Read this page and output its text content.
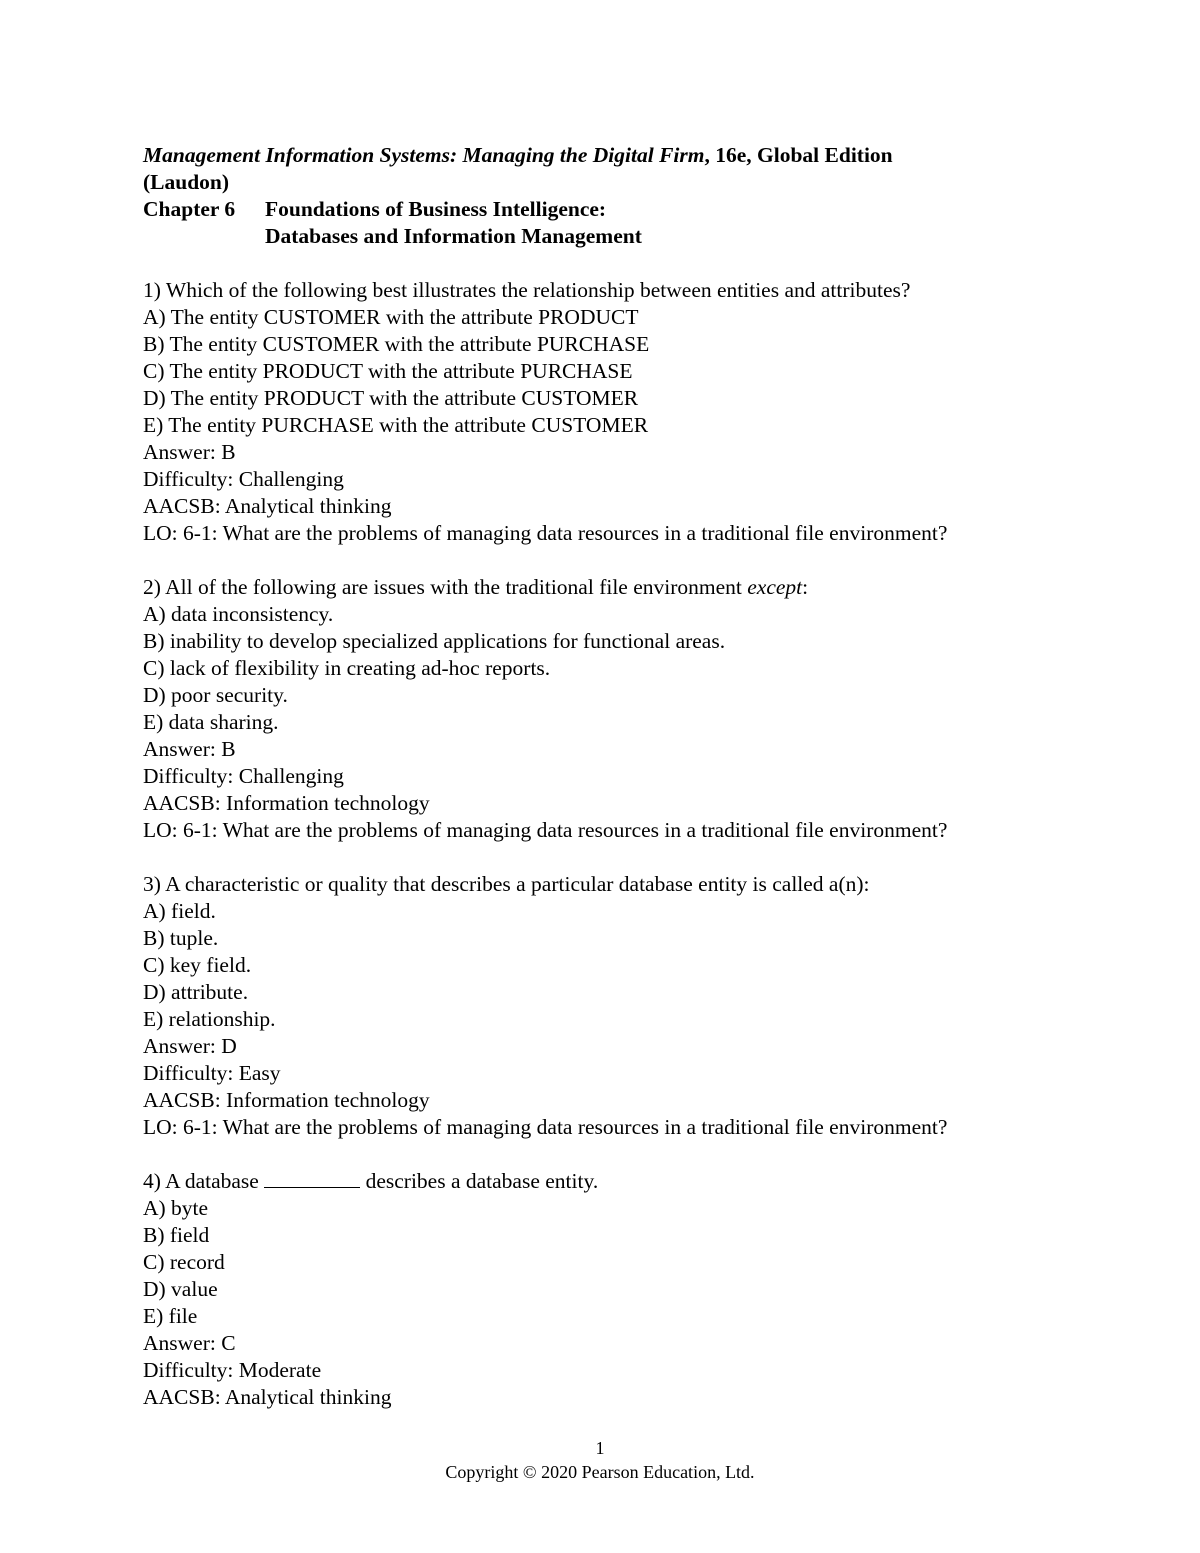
Management Information Systems: Managing the Digital Firm, 16e, Global Edition
(Laudon)
Chapter 6	Foundations of Business Intelligence:
Databases and Information Management
1) Which of the following best illustrates the relationship between entities and attributes?
A) The entity CUSTOMER with the attribute PRODUCT
B) The entity CUSTOMER with the attribute PURCHASE
C) The entity PRODUCT with the attribute PURCHASE
D) The entity PRODUCT with the attribute CUSTOMER
E) The entity PURCHASE with the attribute CUSTOMER
Answer: B
Difficulty: Challenging
AACSB: Analytical thinking
LO: 6-1: What are the problems of managing data resources in a traditional file environment?
2) All of the following are issues with the traditional file environment except:
A) data inconsistency.
B) inability to develop specialized applications for functional areas.
C) lack of flexibility in creating ad-hoc reports.
D) poor security.
E) data sharing.
Answer: B
Difficulty: Challenging
AACSB: Information technology
LO: 6-1: What are the problems of managing data resources in a traditional file environment?
3) A characteristic or quality that describes a particular database entity is called a(n):
A) field.
B) tuple.
C) key field.
D) attribute.
E) relationship.
Answer: D
Difficulty: Easy
AACSB: Information technology
LO: 6-1: What are the problems of managing data resources in a traditional file environment?
4) A database	describes a database entity.
A) byte
B) field
C) record
D) value
E) file
Answer: C
Difficulty: Moderate
AACSB: Analytical thinking
1
Copyright © 2020 Pearson Education, Ltd.
